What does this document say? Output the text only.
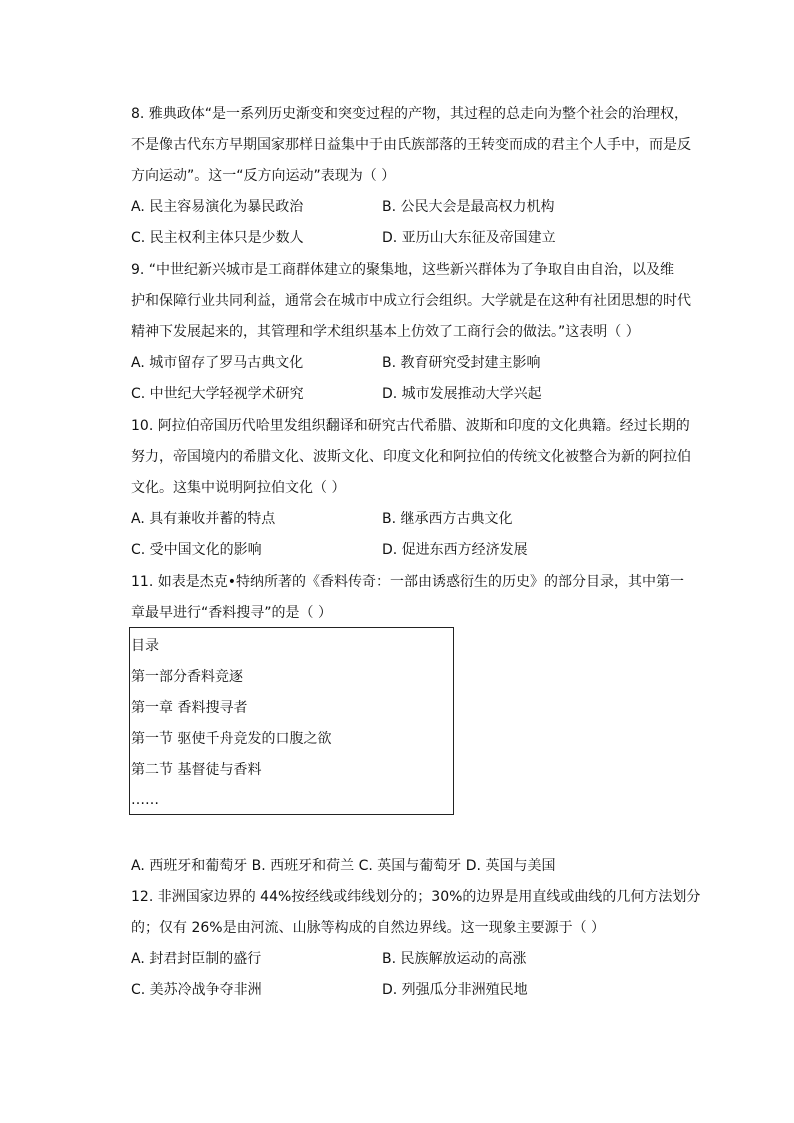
8. 雅典政体“是一系列历史渐变和突变过程的产物，其过程的总走向为整个社会的治理权，
不是像古代东方早期国家那样日益集中于由氏族部落的王转变而成的君主个人手中，而是反
方向运动”。这一“反方向运动”表现为（ ）
A. 民主容易演化为暴民政治	B. 公民大会是最高权力机构
C. 民主权利主体只是少数人	D. 亚历山大东征及帝国建立
9. “中世纪新兴城市是工商群体建立的聚集地，这些新兴群体为了争取自由自治，以及维
护和保障行业共同利益，通常会在城市中成立行会组织。大学就是在这种有社团思想的时代
精神下发展起来的，其管理和学术组织基本上仿效了工商行会的做法。”这表明（ ）
A. 城市留存了罗马古典文化	B. 教育研究受封建主影响
C. 中世纪大学轻视学术研究	D. 城市发展推动大学兴起
10. 阿拉伯帝国历代哈里发组织翻译和研究古代希腊、波斯和印度的文化典籍。经过长期的
努力，帝国境内的希腊文化、波斯文化、印度文化和阿拉伯的传统文化被整合为新的阿拉伯
文化。这集中说明阿拉伯文化（ ）
A. 具有兼收并蓄的特点	B. 继承西方古典文化
C. 受中国文化的影响	D. 促进东西方经济发展
11. 如表是杰克•特纳所著的《香料传奇：一部由诱惑衍生的历史》的部分目录，其中第一
章最早进行“香料搜寻”的是（ ）
目录
第一部分香料竞逐
第一章 香料搜寻者
第一节 驱使千舟竞发的口腹之欲
第二节 基督徒与香料
……
A. 西班牙和葡萄牙 B. 西班牙和荷兰 C. 英国与葡萄牙 D. 英国与美国
12. 非洲国家边界的 44%按经线或纬线划分的；30%的边界是用直线或曲线的几何方法划分
的；仅有 26%是由河流、山脉等构成的自然边界线。这一现象主要源于（ ）
A. 封君封臣制的盛行	B. 民族解放运动的高涨
C. 美苏冷战争夺非洲	D. 列强瓜分非洲殖民地
